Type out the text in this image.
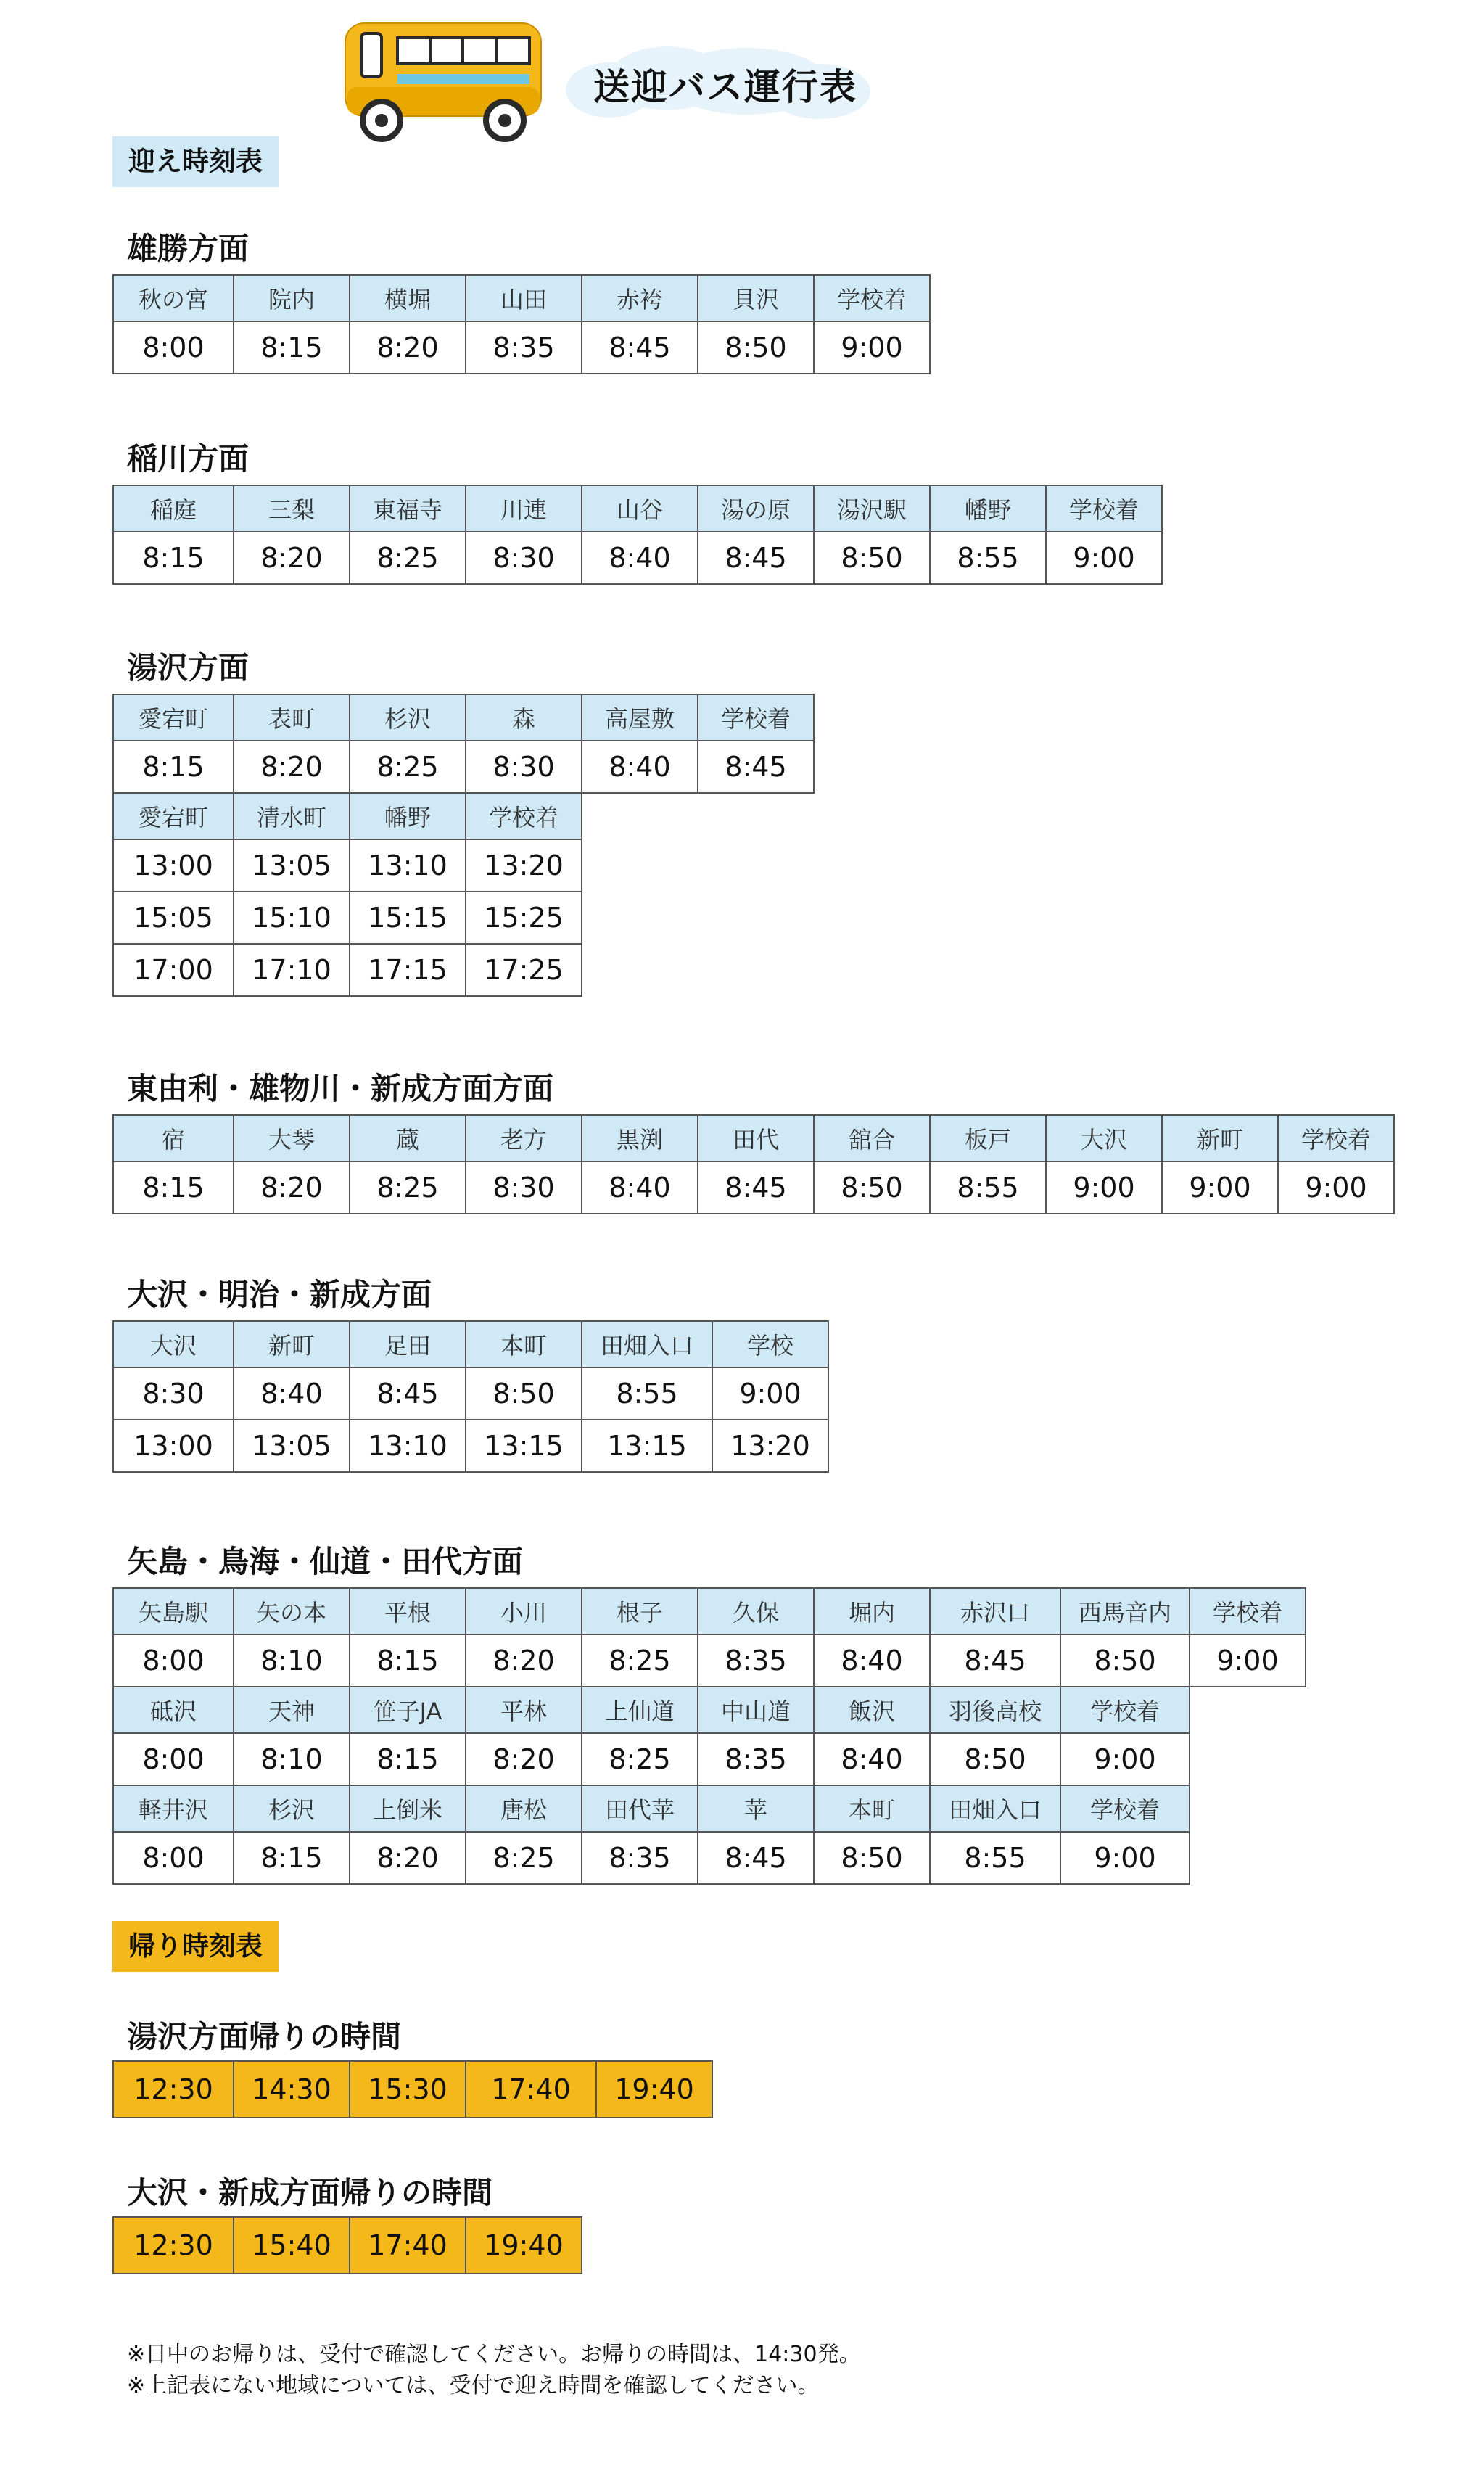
送迎バス運行表
迎え時刻表
雄勝方面
秋の宮	院内	横堀	山田	赤袴	貝沢	学校着
8:00	8:15	8:20	8:35	8:45	8:50	9:00
稲川方面
稲庭	三梨	東福寺	川連	山谷	湯の原	湯沢駅	幡野	学校着
8:15	8:20	8:25	8:30	8:40	8:45	8:50	8:55	9:00
湯沢方面
愛宕町	表町	杉沢	森	高屋敷	学校着
8:15	8:20	8:25	8:30	8:40	8:45
愛宕町	清水町	幡野	学校着		
13:00	13:05	13:10	13:20		
15:05	15:10	15:15	15:25		
17:00	17:10	17:15	17:25		
東由利・雄物川・新成方面方面
宿	大琴	蔵	老方	黒渕	田代	舘合	板戸	大沢	新町	学校着
8:15	8:20	8:25	8:30	8:40	8:45	8:50	8:55	9:00	9:00	9:00
大沢・明治・新成方面
大沢	新町	足田	本町	田畑入口	学校
8:30	8:40	8:45	8:50	8:55	9:00
13:00	13:05	13:10	13:15	13:15	13:20
矢島・鳥海・仙道・田代方面
矢島駅	矢の本	平根	小川	根子	久保	堀内	赤沢口	西馬音内	学校着
8:00	8:10	8:15	8:20	8:25	8:35	8:40	8:45	8:50	9:00
砥沢	天神	笹子JA	平林	上仙道	中山道	飯沢	羽後高校	学校着	
8:00	8:10	8:15	8:20	8:25	8:35	8:40	8:50	9:00	
軽井沢	杉沢	上倒米	唐松	田代苹	苹	本町	田畑入口	学校着	
8:00	8:15	8:20	8:25	8:35	8:45	8:50	8:55	9:00	
帰り時刻表
湯沢方面帰りの時間
12:30	14:30	15:30	17:40	19:40
大沢・新成方面帰りの時間
12:30	15:40	17:40	19:40
※日中のお帰りは、受付で確認してください。お帰りの時間は、14:30発。
※上記表にない地域については、受付で迎え時間を確認してください。
